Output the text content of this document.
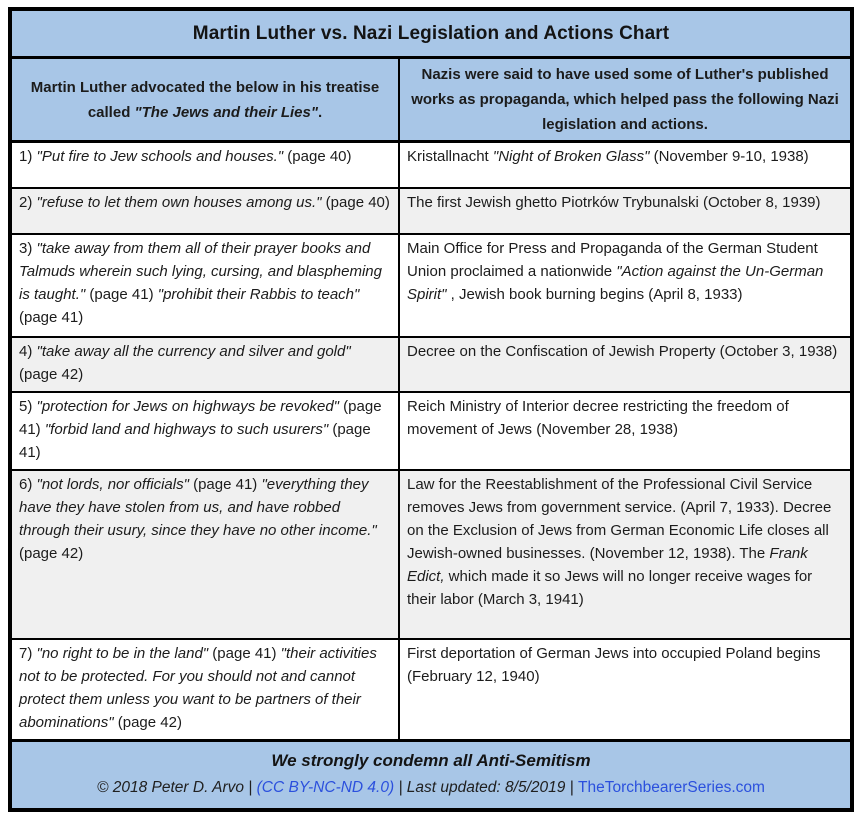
Martin Luther vs. Nazi Legislation and Actions Chart
Martin Luther advocated the below in his treatise called "The Jews and their Lies".
Nazis were said to have used some of Luther's published works as propaganda, which helped pass the following Nazi legislation and actions.
1) "Put fire to Jew schools and houses." (page 40)	Kristallnacht "Night of Broken Glass" (November 9-10, 1938)
2) "refuse to let them own houses among us." (page 40)	The first Jewish ghetto Piotrków Trybunalski (October 8, 1939)
3) "take away from them all of their prayer books and Talmuds wherein such lying, cursing, and blaspheming is taught." (page 41) "prohibit their Rabbis to teach" (page 41)
Main Office for Press and Propaganda of the German Student Union proclaimed a nationwide "Action against the Un-German Spirit" , Jewish book burning begins (April 8, 1933)
4) "take away all the currency and silver and gold" (page 42)
Decree on the Confiscation of Jewish Property (October 3, 1938)
5) "protection for Jews on highways be revoked" (page 41) "forbid land and highways to such usurers" (page 41)
Reich Ministry of Interior decree restricting the freedom of movement of Jews (November 28, 1938)
6) "not lords, nor officials" (page 41) "everything they have they have stolen from us, and have robbed through their usury, since they have no other income." (page 42)
Law for the Reestablishment of the Professional Civil Service removes Jews from government service. (April 7, 1933). Decree on the Exclusion of Jews from German Economic Life closes all Jewish-owned businesses. (November 12, 1938). The Frank Edict, which made it so Jews will no longer receive wages for their labor (March 3, 1941)
7) "no right to be in the land" (page 41) "their activities not to be protected. For you should not and cannot protect them unless you want to be partners of their abominations" (page 42)
First deportation of German Jews into occupied Poland begins (February 12, 1940)
We strongly condemn all Anti-Semitism
© 2018 Peter D. Arvo | (CC BY-NC-ND 4.0) | Last updated: 8/5/2019 | TheTorchbearerSeries.com
